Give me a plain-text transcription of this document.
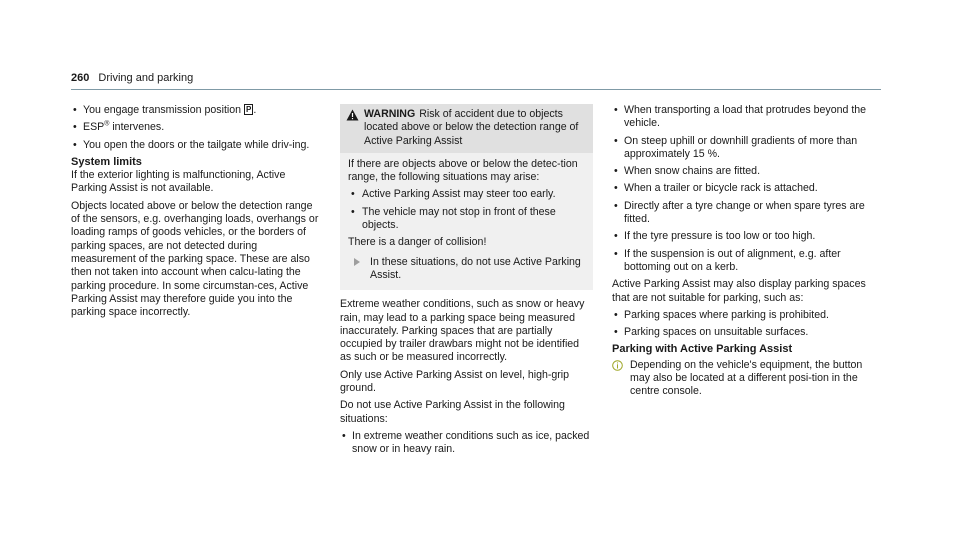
260 Driving and parking
• You engage transmission position P .
• ESP® intervenes.
• You open the doors or the tailgate while driv-ing.
System limits

If the exterior lighting is malfunctioning, Active Parking Assist is not available.

Objects located above or below the detection range of the sensors, e.g. overhanging loads, overhangs or loading ramps of goods vehicles, or the borders of parking spaces, are not detected during measurement of the parking space. These are also then not taken into account when calcu-lating the parking procedure. In some circumstan-ces, Active Parking Assist may therefore guide you into the parking space incorrectly.

WARNING Risk of accident due to objects located above or below the detection range of Active Parking Assist

If there are objects above or below the detec-tion range, the following situations may arise:

• Active Parking Assist may steer too early.
• The vehicle may not stop in front of these objects.

There is a danger of collision!

In these situations, do not use Active Parking Assist.

Extreme weather conditions, such as snow or heavy rain, may lead to a parking space being measured inaccurately. Parking spaces that are partially occupied by trailer drawbars might not be identified as such or be measured incorrectly.

Only use Active Parking Assist on level, high-grip ground.

Do not use Active Parking Assist in the following situations:

• In extreme weather conditions such as ice, packed snow or in heavy rain.
• When transporting a load that protrudes beyond the vehicle.
• On steep uphill or downhill gradients of more than approximately 15 %.
• When snow chains are fitted.
• When a trailer or bicycle rack is attached.
• Directly after a tyre change or when spare tyres are fitted.
• If the tyre pressure is too low or too high.
• If the suspension is out of alignment, e.g. after bottoming out on a kerb.

Active Parking Assist may also display parking spaces that are not suitable for parking, such as:

• Parking spaces where parking is prohibited.
• Parking spaces on unsuitable surfaces.
Parking with Active Parking Assist
Depending on the vehicle's equipment, the button may also be located at a different posi-tion in the centre console.
